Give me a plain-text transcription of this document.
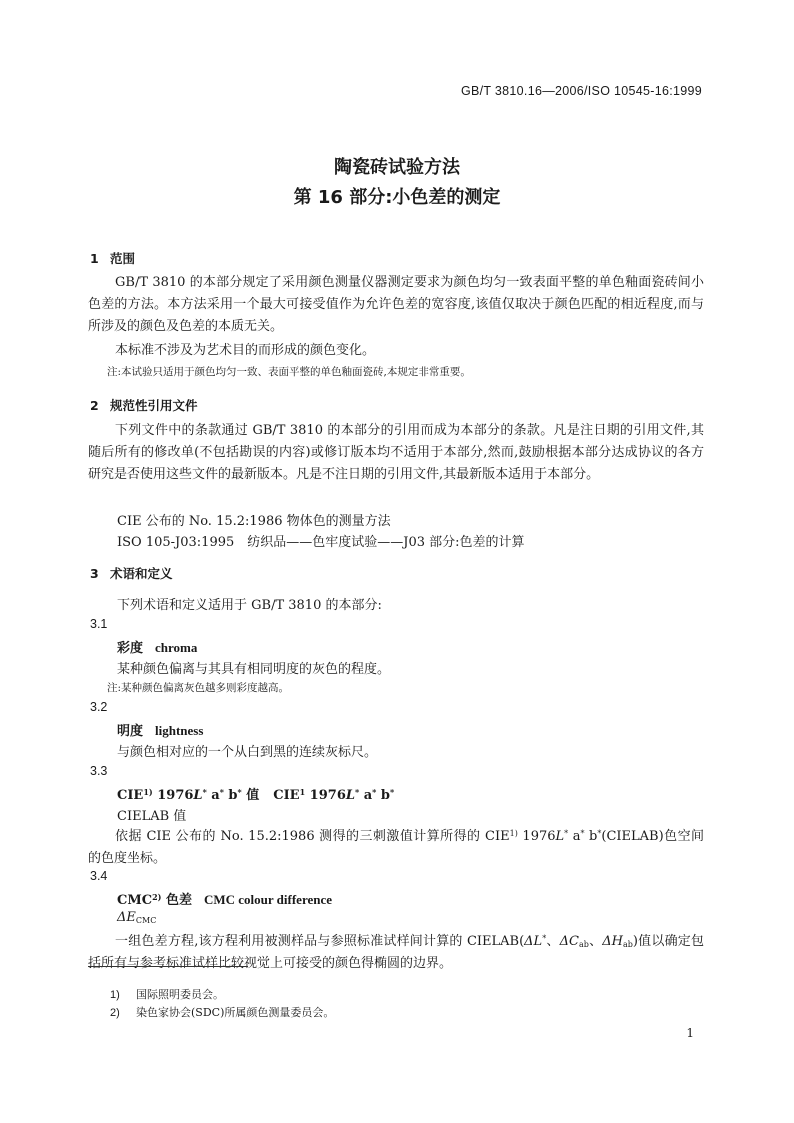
GB/T 3810.16—2006/ISO 10545-16:1999
陶瓷砖试验方法
第 16 部分:小色差的测定
1 范围
GB/T 3810 的本部分规定了采用颜色测量仪器测定要求为颜色均匀一致表面平整的单色釉面瓷砖间小色差的方法。本方法采用一个最大可接受值作为允许色差的宽容度,该值仅取决于颜色匹配的相近程度,而与所涉及的颜色及色差的本质无关。
本标准不涉及为艺术目的而形成的颜色变化。
注:本试验只适用于颜色均匀一致、表面平整的单色釉面瓷砖,本规定非常重要。
2 规范性引用文件
下列文件中的条款通过 GB/T 3810 的本部分的引用而成为本部分的条款。凡是注日期的引用文件,其随后所有的修改单(不包括勘误的内容)或修订版本均不适用于本部分,然而,鼓励根据本部分达成协议的各方研究是否使用这些文件的最新版本。凡是不注日期的引用文件,其最新版本适用于本部分。
CIE 公布的 No. 15.2:1986 物体色的测量方法
ISO 105-J03:1995　纺织品——色牢度试验——J03 部分:色差的计算
3 术语和定义
下列术语和定义适用于 GB/T 3810 的本部分:
3.1
彩度 chroma
某种颜色偏离与其具有相同明度的灰色的程度。
注:某种颜色偏离灰色越多则彩度越高。
3.2
明度 lightness
与颜色相对应的一个从白到黑的连续灰标尺。
3.3
CIE$^{1)}$ 1976L* a* b* 值 CIE$^1$ 1976L* a* b*
CIELAB 值
依据 CIE 公布的 No. 15.2:1986 测得的三刺激值计算所得的 CIE$^{1)}$ 1976L* a* b*(CIELAB)色空间的色度坐标。
3.4
CMC$^{2)}$ 色差 CMC colour difference
$\Delta E_{CMC}$
一组色差方程,该方程利用被测样品与参照标准试样间计算的 CIELAB(ΔL*、$\Delta C_{ab}$、$\Delta H_{ab}$)值以确定包括所有与参考标准试样比较视觉上可接受的颜色得椭圆的边界。
1) 国际照明委员会。
2) 染色家协会(SDC)所属颜色测量委员会。
1
